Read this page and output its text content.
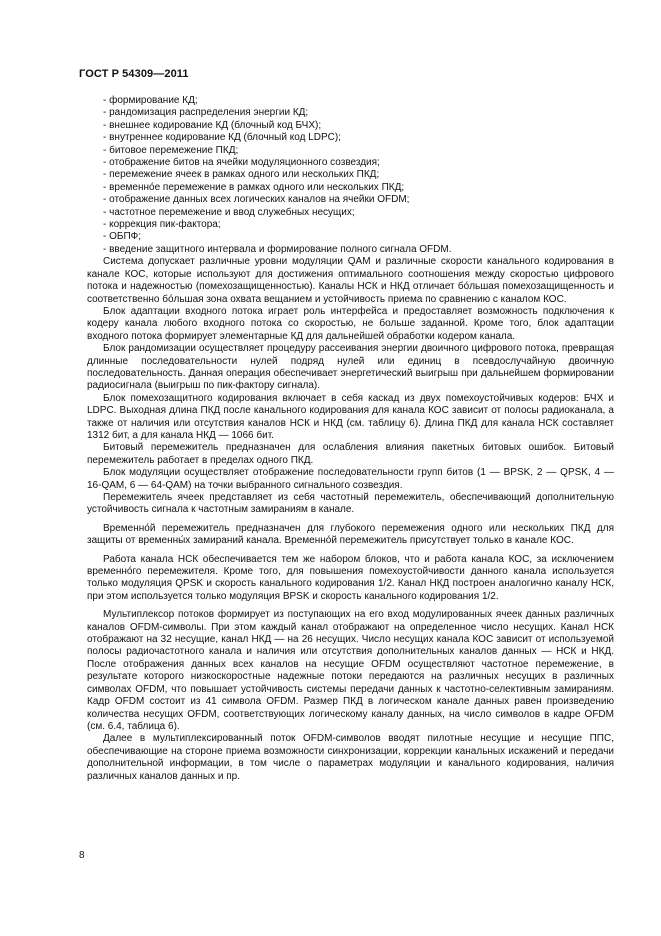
ГОСТ Р 54309—2011
- формирование КД;
- рандомизация распределения энергии КД;
- внешнее кодирование КД (блочный код БЧХ);
- внутреннее кодирование КД (блочный код LDPC);
- битовое перемежение ПКД;
- отображение битов на ячейки модуляционного созвездия;
- перемежение ячеек в рамках одного или нескольких ПКД;
- временно́е перемежение в рамках одного или нескольких ПКД;
- отображение данных всех логических каналов на ячейки OFDM;
- частотное перемежение и ввод служебных несущих;
- коррекция пик-фактора;
- ОБПФ;
- введение защитного интервала и формирование полного сигнала OFDM.

Система допускает различные уровни модуляции QAM и различные скорости канального кодирования в канале КОС, которые используют для достижения оптимального соотношения между скоростью цифрового потока и надежностью (помехозащищенностью). Каналы НСК и НКД отличает бо́льшая помехозащищенность и соответственно бо́льшая зона охвата вещанием и устойчивость приема по сравнению с каналом КОС.

Блок адаптации входного потока играет роль интерфейса и предоставляет возможность подключения к кодеру канала любого входного потока со скоростью, не больше заданной. Кроме того, блок адаптации входного потока формирует элементарные КД для дальнейшей обработки кодером канала.

Блок рандомизации осуществляет процедуру рассеивания энергии двоичного цифрового потока, превращая длинные последовательности нулей подряд нулей или единиц в псевдослучайную двоичную последовательность. Данная операция обеспечивает энергетический выигрыш при дальнейшем формировании радиосигнала (выигрыш по пик-фактору сигнала).

Блок помехозащитного кодирования включает в себя каскад из двух помехоустойчивых кодеров: БЧХ и LDPC. Выходная длина ПКД после канального кодирования для канала КОС зависит от полосы радиоканала, а также от наличия или отсутствия каналов НСК и НКД (см. таблицу 6). Длина ПКД для канала НСК составляет 1312 бит, а для канала НКД — 1066 бит.

Битовый перемежитель предназначен для ослабления влияния пакетных битовых ошибок. Битовый перемежитель работает в пределах одного ПКД.

Блок модуляции осуществляет отображение последовательности групп битов (1 — BPSK, 2 — QPSK, 4 — 16-QAM, 6 — 64-QAM) на точки выбранного сигнального созвездия.

Перемежитель ячеек представляет из себя частотный перемежитель, обеспечивающий дополнительную устойчивость сигнала к частотным замираниям в канале.

Временно́й перемежитель предназначен для глубокого перемежения одного или нескольких ПКД для защиты от временны́х замираний канала. Временно́й перемежитель присутствует только в канале КОС.

Работа канала НСК обеспечивается тем же набором блоков, что и работа канала КОС, за исключением временно́го перемежителя. Кроме того, для повышения помехоустойчивости данного канала используется только модуляция QPSK и скорость канального кодирования 1/2. Канал НКД построен аналогично каналу НСК, при этом используется только модуляция BPSK и скорость канального кодирования 1/2.

Мультиплексор потоков формирует из поступающих на его вход модулированных ячеек данных различных каналов OFDM-символы. При этом каждый канал отображают на определенное число несущих. Канал НСК отображают на 32 несущие, канал НКД — на 26 несущих. Число несущих канала КОС зависит от используемой полосы радиочастотного канала и наличия или отсутствия дополнительных каналов данных — НСК и НКД. После отображения данных всех каналов на несущие OFDM осуществляют частотное перемежение, в результате которого низкоскоростные надежные потоки передаются на различных несущих в различных символах OFDM, что повышает устойчивость системы передачи данных к частотно-селективным замираниям. Кадр OFDM состоит из 41 символа OFDM. Размер ПКД в логическом канале данных равен произведению количества несущих OFDM, соответствующих логическому каналу данных, на число символов в кадре OFDM (см. 6.4, таблица 6).

Далее в мультиплексированный поток OFDM-символов вводят пилотные несущие и несущие ППС, обеспечивающие на стороне приема возможности синхронизации, коррекции канальных искажений и передачи дополнительной информации, в том числе о параметрах модуляции и канального кодирования, наличия различных каналов данных и пр.

8
